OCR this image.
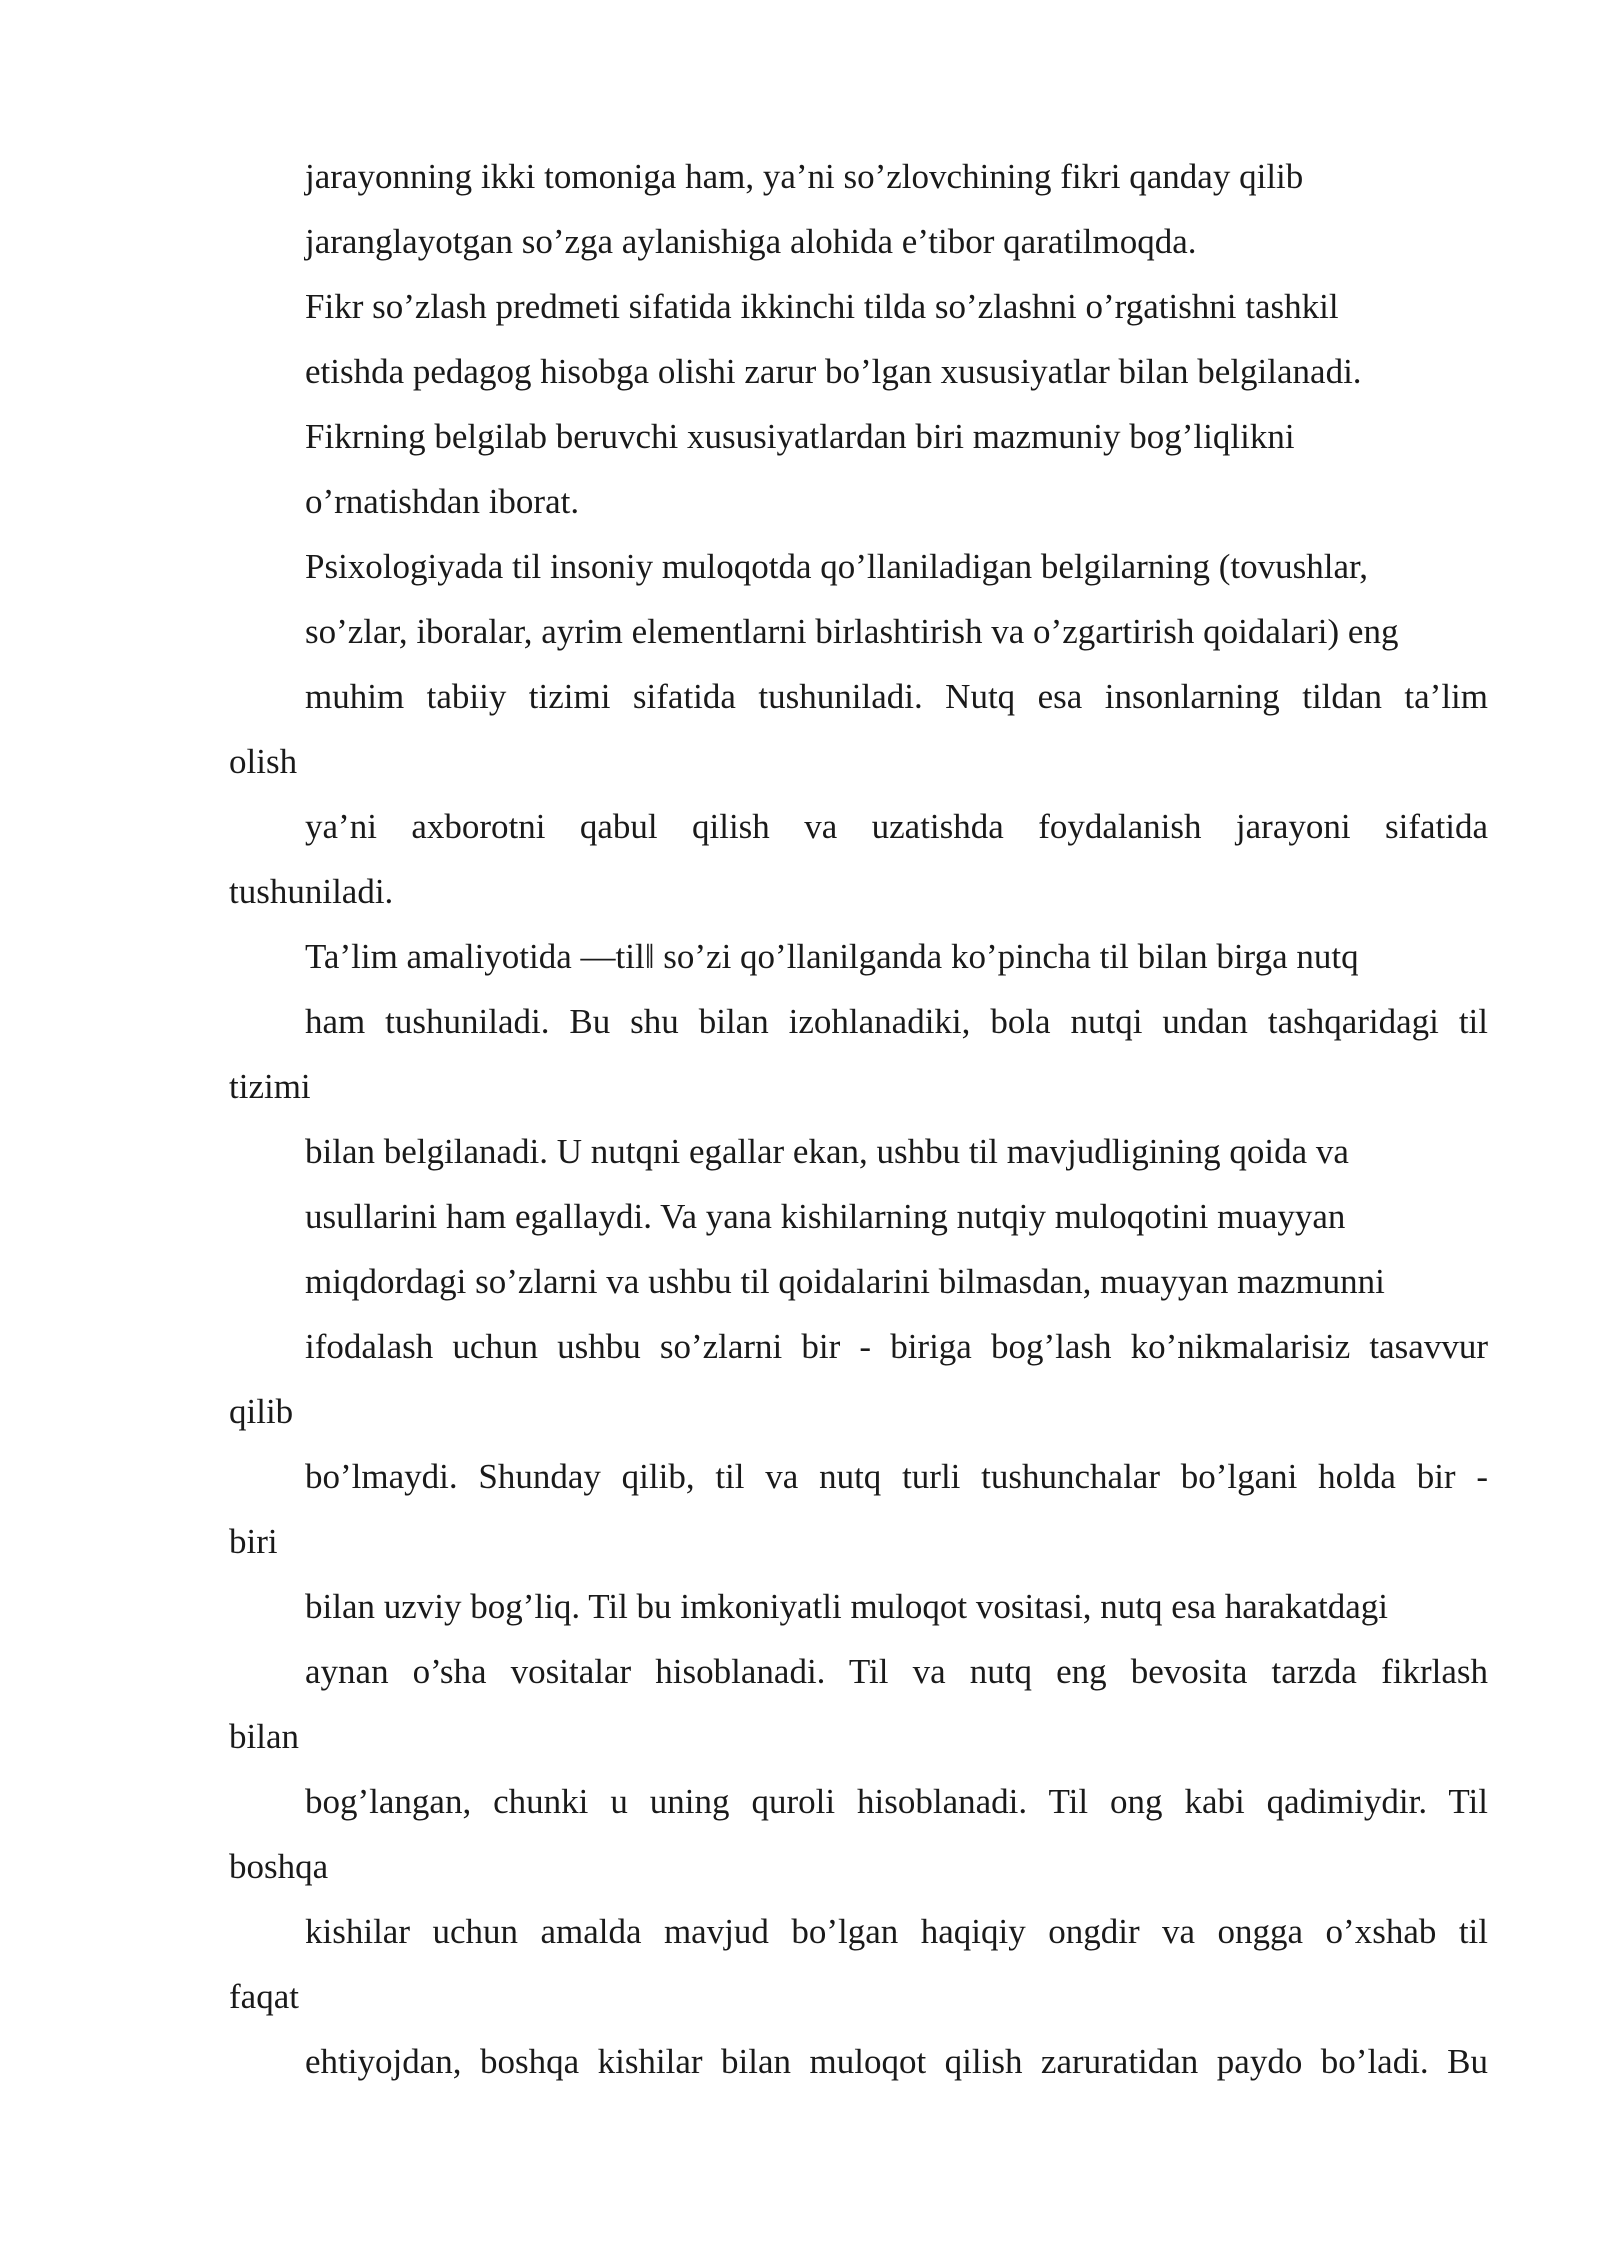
jarayonning ikki tomoniga ham, ya’ni so’zlovchining fikri qanday qilib
jaranglayotgan so’zga aylanishiga alohida e’tibor qaratilmoqda.
Fikr so’zlash predmeti sifatida ikkinchi tilda so’zlashni o’rgatishni tashkil
etishda pedagog hisobga olishi zarur bo’lgan xususiyatlar bilan belgilanadi.
Fikrning belgilab beruvchi xususiyatlardan biri mazmuniy bog’liqlikni
o’rnatishdan iborat.
Psixologiyada til insoniy muloqotda qo’llaniladigan belgilarning (tovushlar,
so’zlar, iboralar, ayrim elementlarni birlashtirish va o’zgartirish qoidalari) eng
muhim tabiiy tizimi sifatida tushuniladi. Nutq esa insonlarning tildan ta’lim
olish
ya’ni axborotni qabul qilish va uzatishda foydalanish jarayoni sifatida
tushuniladi.
Ta’lim amaliyotida ―til‖ so’zi qo’llanilganda ko’pincha til bilan birga nutq
ham tushuniladi. Bu shu bilan izohlanadiki, bola nutqi undan tashqaridagi til
tizimi
bilan belgilanadi. U nutqni egallar ekan, ushbu til mavjudligining qoida va
usullarini ham egallaydi. Va yana kishilarning nutqiy muloqotini muayyan
miqdordagi so’zlarni va ushbu til qoidalarini bilmasdan, muayyan mazmunni
ifodalash uchun ushbu so’zlarni bir - biriga bog’lash ko’nikmalarisiz tasavvur
qilib
bo’lmaydi. Shunday qilib, til va nutq turli tushunchalar bo’lgani holda bir -
biri
bilan uzviy bog’liq. Til bu imkoniyatli muloqot vositasi, nutq esa harakatdagi
aynan o’sha vositalar hisoblanadi. Til va nutq eng bevosita tarzda fikrlash
bilan
bog’langan, chunki u uning quroli hisoblanadi. Til ong kabi qadimiydir. Til
boshqa
kishilar uchun amalda mavjud bo’lgan haqiqiy ongdir va ongga o’xshab til
faqat
ehtiyojdan, boshqa kishilar bilan muloqot qilish zaruratidan paydo bo’ladi. Bu
